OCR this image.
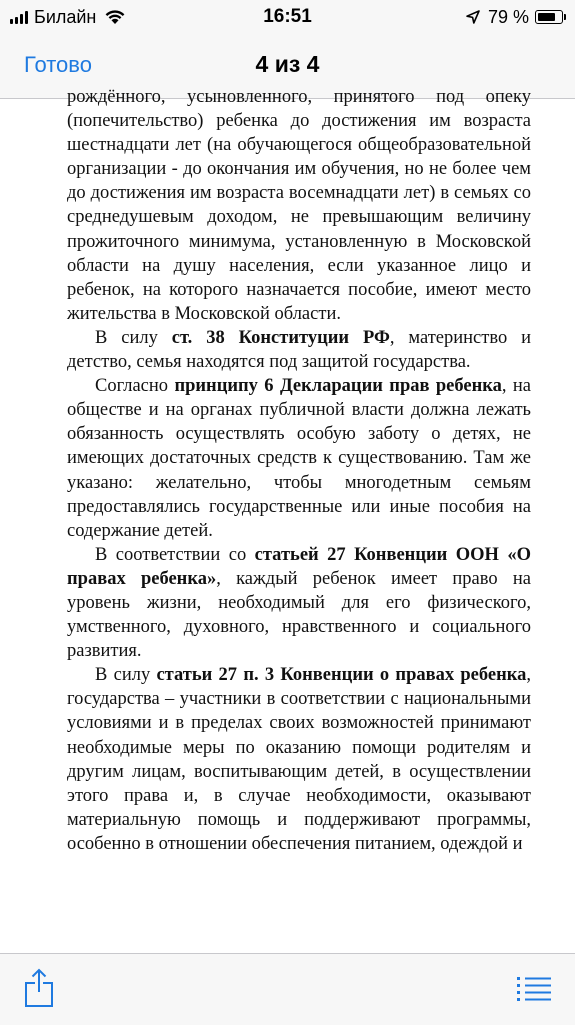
Билайн	16:51	79 %
Готово	4 из 4

рождённого, усыновленного, принятого под опеку (попечительство) ребенка до достижения им возраста шестнадцати лет (на обучающегося общеобразовательной организации - до окончания им обучения, но не более чем до достижения им возраста восемнадцати лет) в семьях со среднедушевым доходом, не превышающим величину прожиточного минимума, установленную в Московской области на душу населения, если указанное лицо и ребенок, на которого назначается пособие, имеют место жительства в Московской области.

В силу ст. 38 Конституции РФ, материнство и детство, семья находятся под защитой государства.

Согласно принципу 6 Декларации прав ребенка, на обществе и на органах публичной власти должна лежать обязанность осуществлять особую заботу о детях, не имеющих достаточных средств к существованию. Там же указано: желательно, чтобы многодетным семьям предоставлялись государственные или иные пособия на содержание детей.

В соответствии со статьей 27 Конвенции ООН «О правах ребенка», каждый ребенок имеет право на уровень жизни, необходимый для его физического, умственного, духовного, нравственного и социального развития.

В силу статьи 27 п. 3 Конвенции о правах ребенка, государства – участники в соответствии с национальными условиями и в пределах своих возможностей принимают необходимые меры по оказанию помощи родителям и другим лицам, воспитывающим детей, в осуществлении этого права и, в случае необходимости, оказывают материальную помощь и поддерживают программы, особенно в отношении обеспечения питанием, одеждой и
